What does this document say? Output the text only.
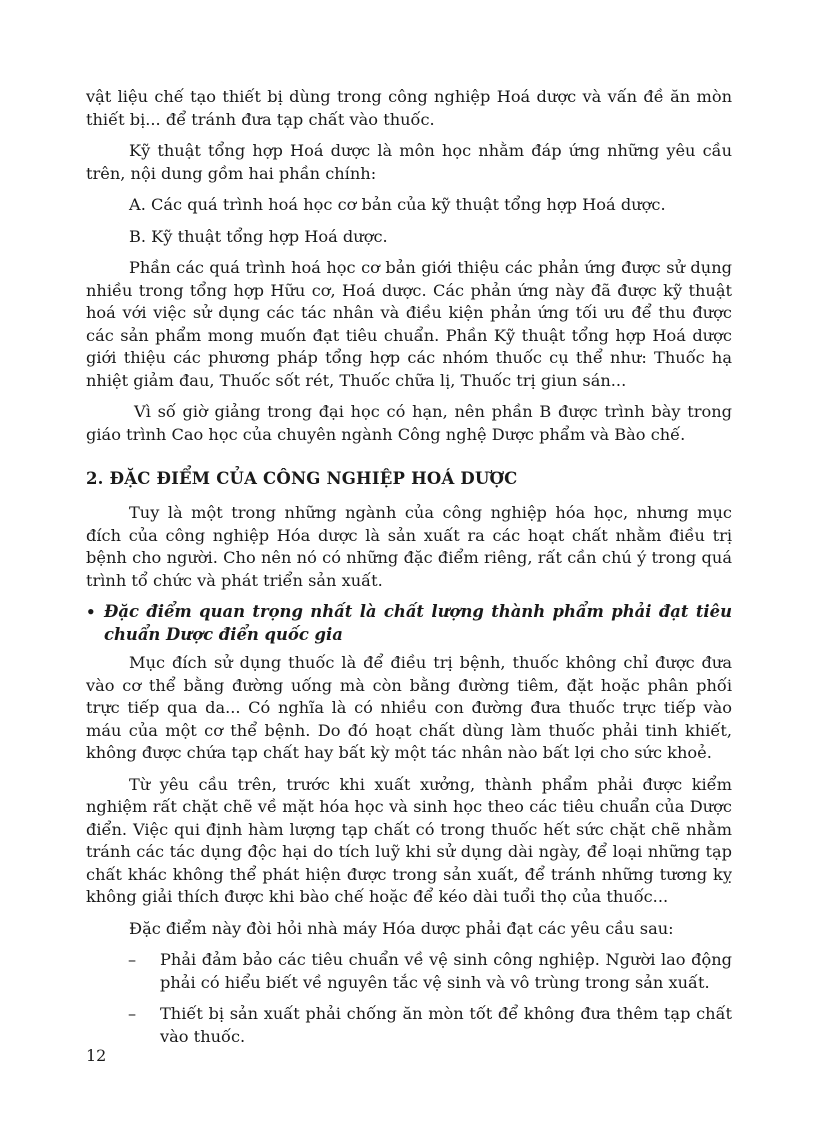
vật liệu chế tạo thiết bị dùng trong công nghiệp Hoá dược và vấn đề ăn mòn thiết bị... để tránh đưa tạp chất vào thuốc.

Kỹ thuật tổng hợp Hoá dược là môn học nhằm đáp ứng những yêu cầu trên, nội dung gồm hai phần chính:

A. Các quá trình hoá học cơ bản của kỹ thuật tổng hợp Hoá dược.

B. Kỹ thuật tổng hợp Hoá dược.

Phần các quá trình hoá học cơ bản giới thiệu các phản ứng được sử dụng nhiều trong tổng hợp Hữu cơ, Hoá dược. Các phản ứng này đã được kỹ thuật hoá với việc sử dụng các tác nhân và điều kiện phản ứng tối ưu để thu được các sản phẩm mong muốn đạt tiêu chuẩn. Phần Kỹ thuật tổng hợp Hoá dược giới thiệu các phương pháp tổng hợp các nhóm thuốc cụ thể như: Thuốc hạ nhiệt giảm đau, Thuốc sốt rét, Thuốc chữa lị, Thuốc trị giun sán...

Vì số giờ giảng trong đại học có hạn, nên phần B được trình bày trong giáo trình Cao học của chuyên ngành Công nghệ Dược phẩm và Bào chế.

2. ĐẶC ĐIỂM CỦA CÔNG NGHIỆP HOÁ DƯỢC

Tuy là một trong những ngành của công nghiệp hóa học, nhưng mục đích của công nghiệp Hóa dược là sản xuất ra các hoạt chất nhằm điều trị bệnh cho người. Cho nên nó có những đặc điểm riêng, rất cần chú ý trong quá trình tổ chức và phát triển sản xuất.

• Đặc điểm quan trọng nhất là chất lượng thành phẩm phải đạt tiêu chuẩn Dược điển quốc gia

Mục đích sử dụng thuốc là để điều trị bệnh, thuốc không chỉ được đưa vào cơ thể bằng đường uống mà còn bằng đường tiêm, đặt hoặc phân phối trực tiếp qua da... Có nghĩa là có nhiều con đường đưa thuốc trực tiếp vào máu của một cơ thể bệnh. Do đó hoạt chất dùng làm thuốc phải tinh khiết, không được chứa tạp chất hay bất kỳ một tác nhân nào bất lợi cho sức khoẻ.

Từ yêu cầu trên, trước khi xuất xưởng, thành phẩm phải được kiểm nghiệm rất chặt chẽ về mặt hóa học và sinh học theo các tiêu chuẩn của Dược điển. Việc qui định hàm lượng tạp chất có trong thuốc hết sức chặt chẽ nhằm tránh các tác dụng độc hại do tích luỹ khi sử dụng dài ngày, để loại những tạp chất khác không thể phát hiện được trong sản xuất, để tránh những tương kỵ không giải thích được khi bào chế hoặc để kéo dài tuổi thọ của thuốc...

Đặc điểm này đòi hỏi nhà máy Hóa dược phải đạt các yêu cầu sau:

–	Phải đảm bảo các tiêu chuẩn về vệ sinh công nghiệp. Người lao động phải có hiểu biết về nguyên tắc vệ sinh và vô trùng trong sản xuất.
–	Thiết bị sản xuất phải chống ăn mòn tốt để không đưa thêm tạp chất vào thuốc.
12
